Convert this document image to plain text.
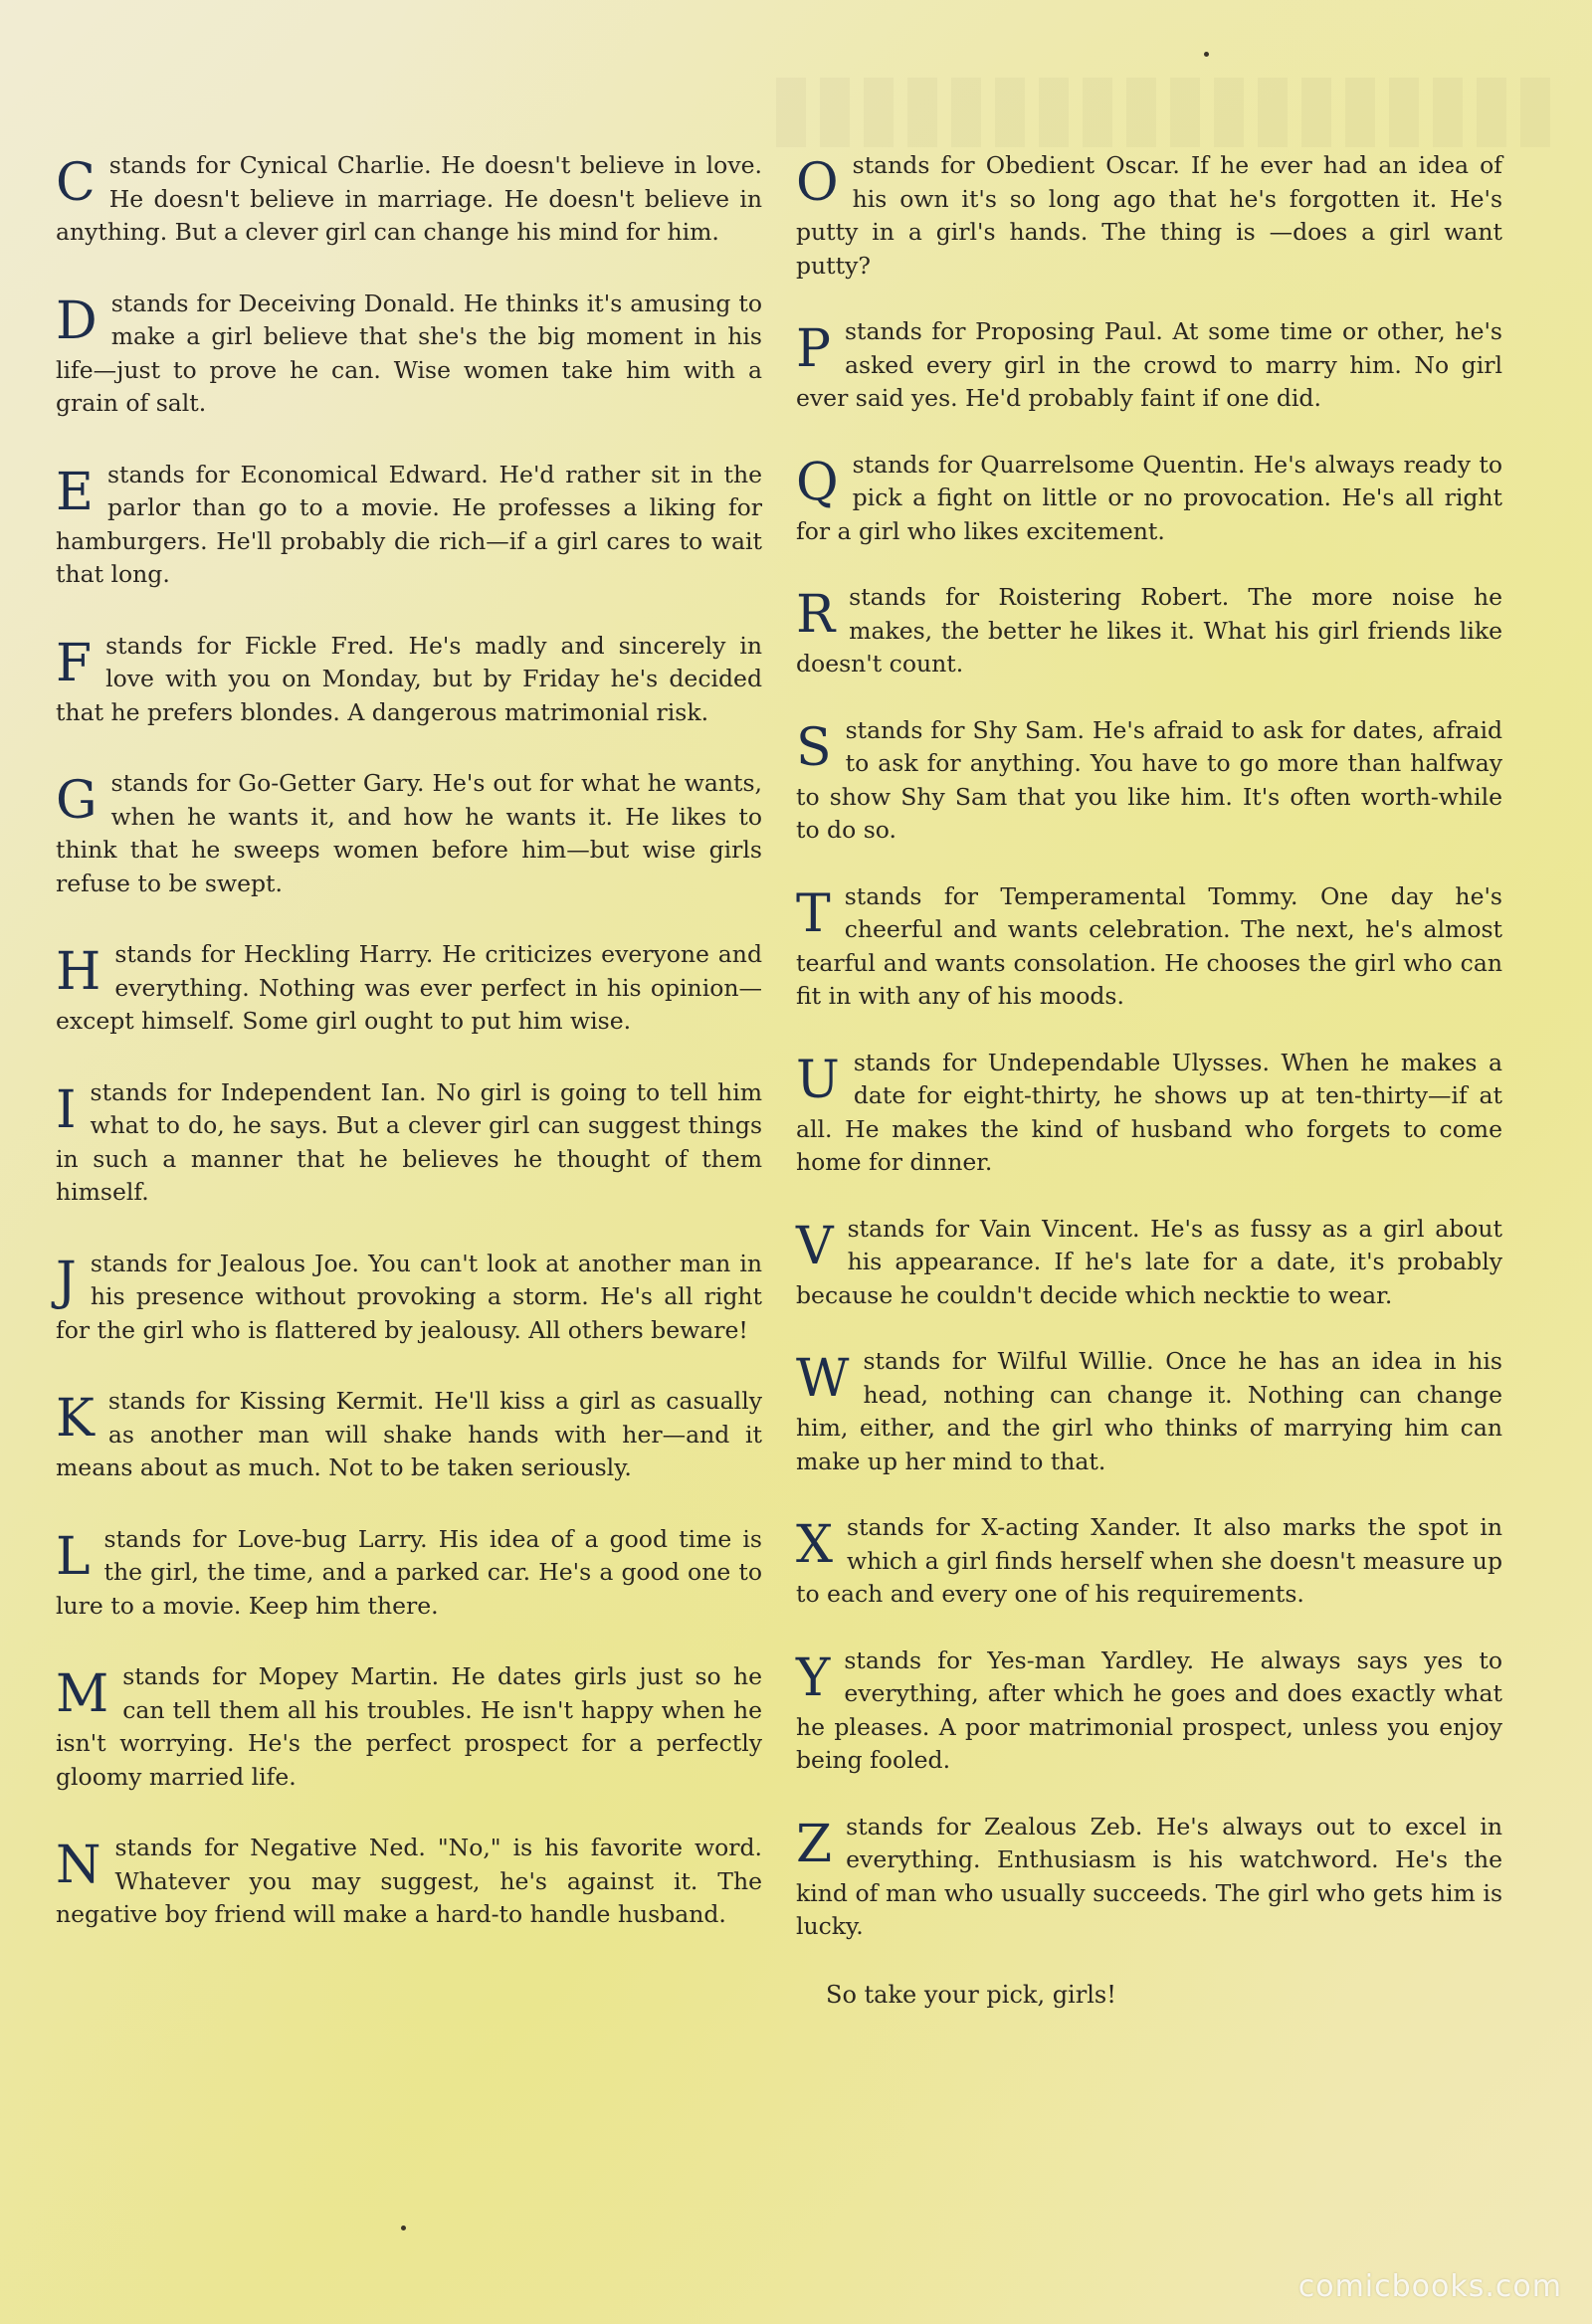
Cstands for Cynical Charlie. He doesn't believe in love. He doesn't believe in marriage. He doesn't believe in anything. But a clever girl can change his mind for him.

Dstands for Deceiving Donald. He thinks it's amusing to make a girl believe that she's the big moment in his life—just to prove he can. Wise women take him with a grain of salt.

Estands for Economical Edward. He'd rather sit in the parlor than go to a movie. He professes a liking for hamburgers. He'll probably die rich—if a girl cares to wait that long.

Fstands for Fickle Fred. He's madly and sincerely in love with you on Monday, but by Friday he's decided that he prefers blondes. A dangerous matrimonial risk.

Gstands for Go-Getter Gary. He's out for what he wants, when he wants it, and how he wants it. He likes to think that he sweeps women before him—but wise girls refuse to be swept.

Hstands for Heckling Harry. He criticizes everyone and everything. Nothing was ever perfect in his opinion—except himself. Some girl ought to put him wise.

Istands for Independent Ian. No girl is going to tell him what to do, he says. But a clever girl can suggest things in such a manner that he believes he thought of them himself.

Jstands for Jealous Joe. You can't look at another man in his presence without provoking a storm. He's all right for the girl who is flattered by jealousy. All others beware!

Kstands for Kissing Kermit. He'll kiss a girl as casually as another man will shake hands with her—and it means about as much. Not to be taken seriously.

Lstands for Love-bug Larry. His idea of a good time is the girl, the time, and a parked car. He's a good one to lure to a movie. Keep him there.

Mstands for Mopey Martin. He dates girls just so he can tell them all his troubles. He isn't happy when he isn't worrying. He's the perfect prospect for a perfectly gloomy married life.

Nstands for Negative Ned. "No," is his favorite word. Whatever you may suggest, he's against it. The negative boy friend will make a hard-to handle husband.

Ostands for Obedient Oscar. If he ever had an idea of his own it's so long ago that he's forgotten it. He's putty in a girl's hands. The thing is —does a girl want putty?

Pstands for Proposing Paul. At some time or other, he's asked every girl in the crowd to marry him. No girl ever said yes. He'd probably faint if one did.

Qstands for Quarrelsome Quentin. He's always ready to pick a fight on little or no provocation. He's all right for a girl who likes excitement.

Rstands for Roistering Robert. The more noise he makes, the better he likes it. What his girl friends like doesn't count.

Sstands for Shy Sam. He's afraid to ask for dates, afraid to ask for anything. You have to go more than halfway to show Shy Sam that you like him. It's often worth-while to do so.

Tstands for Temperamental Tommy. One day he's cheerful and wants celebration. The next, he's almost tearful and wants consolation. He chooses the girl who can fit in with any of his moods.

Ustands for Undependable Ulysses. When he makes a date for eight-thirty, he shows up at ten-thirty—if at all. He makes the kind of husband who forgets to come home for dinner.

Vstands for Vain Vincent. He's as fussy as a girl about his appearance. If he's late for a date, it's probably because he couldn't decide which necktie to wear.

Wstands for Wilful Willie. Once he has an idea in his head, nothing can change it. Nothing can change him, either, and the girl who thinks of marrying him can make up her mind to that.

Xstands for X-acting Xander. It also marks the spot in which a girl finds herself when she doesn't measure up to each and every one of his requirements.

Ystands for Yes-man Yardley. He always says yes to everything, after which he goes and does exactly what he pleases. A poor matrimonial prospect, unless you enjoy being fooled.

Zstands for Zealous Zeb. He's always out to excel in everything. Enthusiasm is his watchword. He's the kind of man who usually succeeds. The girl who gets him is lucky.

So take your pick, girls!
comicbooks.com
